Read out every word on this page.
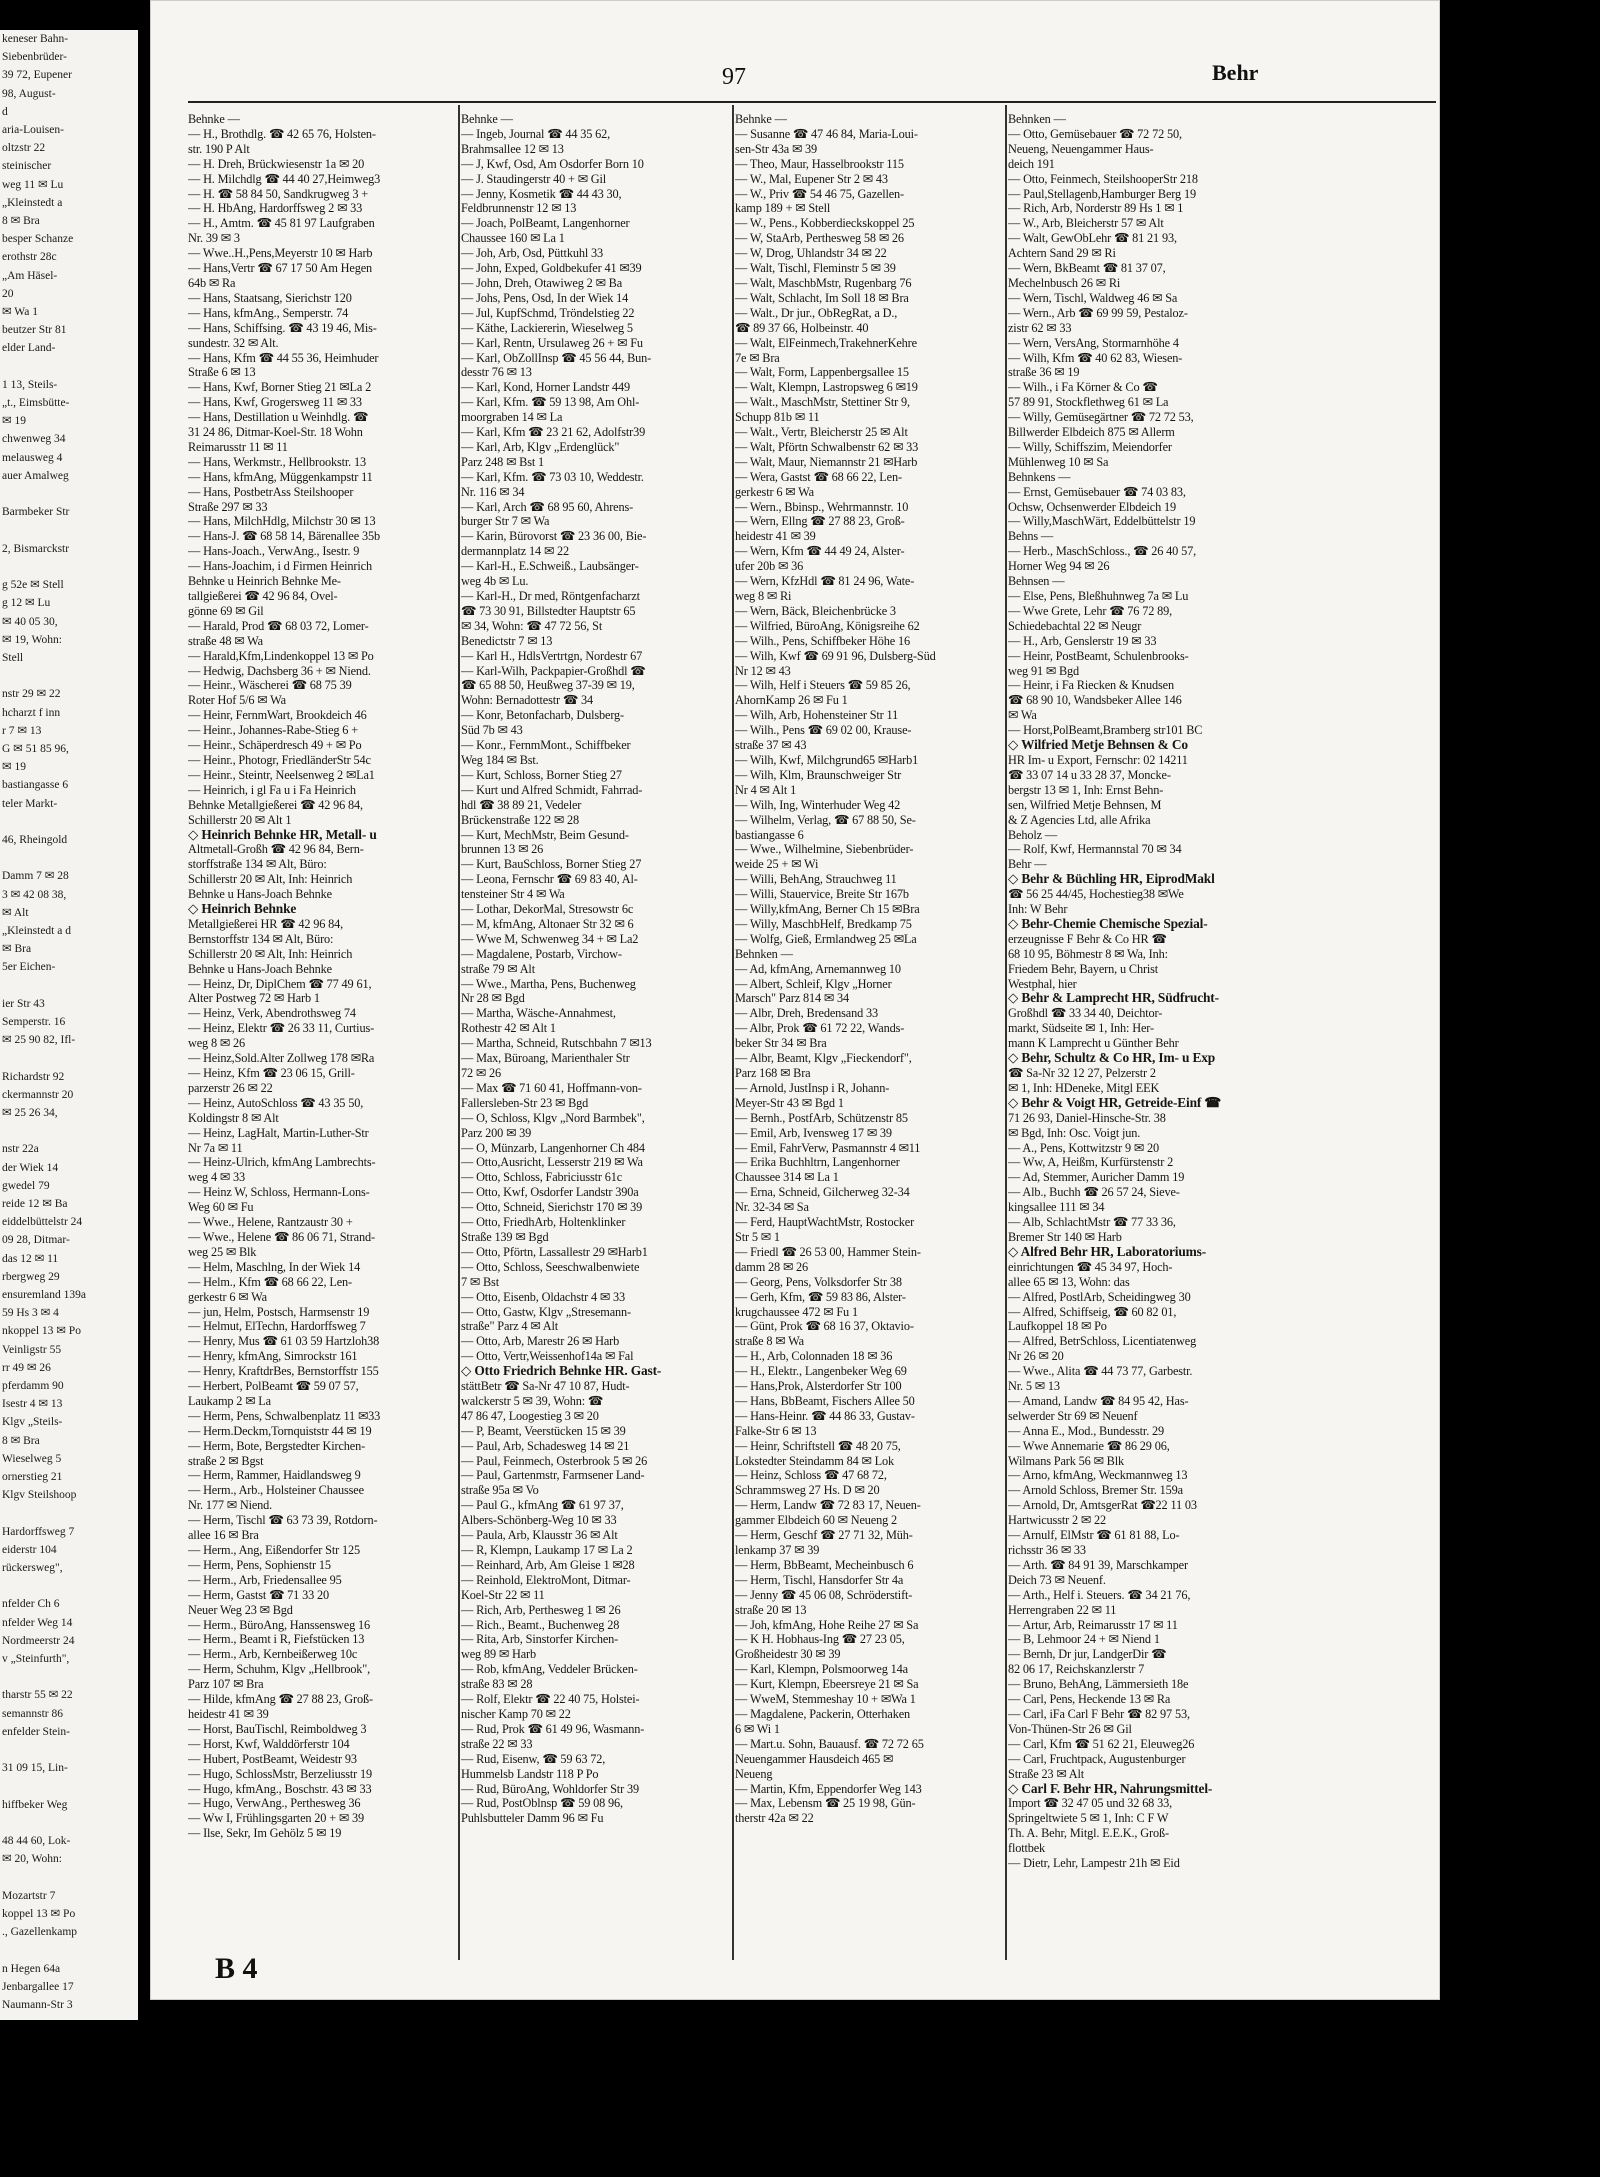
keneser Bahn-
Siebenbrüder-
39 72, Eupener
98, August-
d
aria-Louisen-
oltzstr 22
steinischer
weg 11 ✉ Lu
„Kleinstedt a
8 ✉ Bra
besper Schanze
erothstr 28c
„Am Häsel-
20
✉ Wa 1
beutzer Str 81
elder Land-

1 13, Steils-
„t., Eimsbütte-
✉ 19
chwenweg 34
melausweg 4
auer Amalweg

Barmbeker Str

2, Bismarckstr

g 52e ✉ Stell
g 12 ✉ Lu
✉ 40 05 30,
✉ 19, Wohn:
Stell

nstr 29 ✉ 22
hcharzt f inn
r 7 ✉ 13
G ✉ 51 85 96,
✉ 19
bastiangasse 6
teler Markt-

46, Rheingold

Damm 7 ✉ 28
3 ✉ 42 08 38,
✉ Alt
„Kleinstedt a d
✉ Bra
5er Eichen-

ier Str 43
Semperstr. 16
✉ 25 90 82, Ifl-

Richardstr 92
ckermannstr 20
✉ 25 26 34,

nstr 22a
der Wiek 14
gwedel 79
reide 12 ✉ Ba
eiddelbüttelstr 24
09 28, Ditmar-
das 12 ✉ 11
rbergweg 29
ensuremland 139a
59 Hs 3 ✉ 4
nkoppel 13 ✉ Po
Veinligstr 55
rr 49 ✉ 26
pferdamm 90
Isestr 4 ✉ 13
Klgv „Steils-
8 ✉ Bra
Wieselweg 5
ornerstieg 21
Klgv Steilshoop

Hardorffsweg 7
eiderstr 104
rückersweg",

nfelder Ch 6
nfelder Weg 14
Nordmeerstr 24
v „Steinfurth",

tharstr 55 ✉ 22
semannstr 86
enfelder Stein-

31 09 15, Lin-

hiffbeker Weg

48 44 60, Lok-
✉ 20, Wohn:

Mozartstr 7
koppel 13 ✉ Po
., Gazellenkamp

n Hegen 64a
Jenbargallee 17
Naumann-Str 3
97	Behr
Behnke —
— H., Brothdlg. ☎ 42 65 76, Holsten-
str. 190 P Alt
— H. Dreh, Brückwiesenstr 1a ✉ 20
— H. Milchdlg ☎ 44 40 27,Heimweg3
— H. ☎ 58 84 50, Sandkrugweg 3 +
— H. HbAng, Hardorffsweg 2 ✉ 33
— H., Amtm. ☎ 45 81 97 Laufgraben
Nr. 39 ✉ 3
— Wwe..H.,Pens,Meyerstr 10 ✉ Harb
— Hans,Vertr ☎ 67 17 50 Am Hegen
64b ✉ Ra
— Hans, Staatsang, Sierichstr 120
— Hans, kfmAng., Semperstr. 74
— Hans, Schiffsing. ☎ 43 19 46, Mis-
sundestr. 32 ✉ Alt.
— Hans, Kfm ☎ 44 55 36, Heimhuder
Straße 6 ✉ 13
— Hans, Kwf, Borner Stieg 21 ✉La 2
— Hans, Kwf, Grogersweg 11 ✉ 33
— Hans, Destillation u Weinhdlg. ☎
31 24 86, Ditmar-Koel-Str. 18 Wohn
Reimarusstr 11 ✉ 11
— Hans, Werkmstr., Hellbrookstr. 13
— Hans, kfmAng, Müggenkampstr 11
— Hans, PostbetrAss Steilshooper
Straße 297 ✉ 33
— Hans, MilchHdlg, Milchstr 30 ✉ 13
— Hans-J. ☎ 68 58 14, Bärenallee 35b
— Hans-Joach., VerwAng., Isestr. 9
— Hans-Joachim, i d Firmen Heinrich
Behnke u Heinrich Behnke Me-
tallgießerei ☎ 42 96 84, Ovel-
gönne 69 ✉ Gil
— Harald, Prod ☎ 68 03 72, Lomer-
straße 48 ✉ Wa
— Harald,Kfm,Lindenkoppel 13 ✉ Po
— Hedwig, Dachsberg 36 + ✉ Niend.
— Heinr., Wäscherei ☎ 68 75 39
Roter Hof 5/6 ✉ Wa
— Heinr, FernmWart, Brookdeich 46
— Heinr., Johannes-Rabe-Stieg 6 +
— Heinr., Schäperdresch 49 + ✉ Po
— Heinr., Photogr, FriedländerStr 54c
— Heinr., Steintr, Neelsenweg 2 ✉La1
— Heinrich, i gl Fa u i Fa Heinrich
Behnke Metallgießerei ☎ 42 96 84,
Schillerstr 20 ✉ Alt 1
◇ Heinrich Behnke HR, Metall- u
Altmetall-Großh ☎ 42 96 84, Bern-
storffstraße 134 ✉ Alt, Büro:
Schillerstr 20 ✉ Alt, Inh: Heinrich
Behnke u Hans-Joach Behnke
◇ Heinrich Behnke
Metallgießerei HR ☎ 42 96 84,
Bernstorffstr 134 ✉ Alt, Büro:
Schillerstr 20 ✉ Alt, Inh: Heinrich
Behnke u Hans-Joach Behnke
— Heinz, Dr, DiplChem ☎ 77 49 61,
Alter Postweg 72 ✉ Harb 1
— Heinz, Verk, Abendrothsweg 74
— Heinz, Elektr ☎ 26 33 11, Curtius-
weg 8 ✉ 26
— Heinz,Sold.Alter Zollweg 178 ✉Ra
— Heinz, Kfm ☎ 23 06 15, Grill-
parzerstr 26 ✉ 22
— Heinz, AutoSchloss ☎ 43 35 50,
Koldingstr 8 ✉ Alt
— Heinz, LagHalt, Martin-Luther-Str
Nr 7a ✉ 11
— Heinz-Ulrich, kfmAng Lambrechts-
weg 4 ✉ 33
— Heinz W, Schloss, Hermann-Lons-
Weg 60 ✉ Fu
— Wwe., Helene, Rantzaustr 30 +
— Wwe., Helene ☎ 86 06 71, Strand-
weg 25 ✉ Blk
— Helm, Maschlng, In der Wiek 14
— Helm., Kfm ☎ 68 66 22, Len-
gerkestr 6 ✉ Wa
— jun, Helm, Postsch, Harmsenstr 19
— Helmut, ElTechn, Hardorffsweg 7
— Henry, Mus ☎ 61 03 59 Hartzloh38
— Henry, kfmAng, Simrockstr 161
— Henry, KraftdrBes, Bernstorffstr 155
— Herbert, PolBeamt ☎ 59 07 57,
Laukamp 2 ✉ La
— Herm, Pens, Schwalbenplatz 11 ✉33
— Herm.Deckm,Tornquiststr 44 ✉ 19
— Herm, Bote, Bergstedter Kirchen-
straße 2 ✉ Bgst
— Herm, Rammer, Haidlandsweg 9
— Herm., Arb., Holsteiner Chaussee
Nr. 177 ✉ Niend.
— Herm, Tischl ☎ 63 73 39, Rotdorn-
allee 16 ✉ Bra
— Herm., Ang, Eißendorfer Str 125
— Herm, Pens, Sophienstr 15
— Herm., Arb, Friedensallee 95
— Herm, Gastst ☎ 71 33 20
Neuer Weg 23 ✉ Bgd
— Herm., BüroAng, Hanssensweg 16
— Herm., Beamt i R, Fiefstücken 13
— Herm., Arb, Kernbeißerweg 10c
— Herm, Schuhm, Klgv „Hellbrook",
Parz 107 ✉ Bra
— Hilde, kfmAng ☎ 27 88 23, Groß-
heidestr 41 ✉ 39
— Horst, BauTischl, Reimboldweg 3
— Horst, Kwf, Walddörferstr 104
— Hubert, PostBeamt, Weidestr 93
— Hugo, SchlossMstr, Berzeliusstr 19
— Hugo, kfmAng., Boschstr. 43 ✉ 33
— Hugo, VerwAng., Perthesweg 36
— Ww I, Frühlingsgarten 20 + ✉ 39
— Ilse, Sekr, Im Gehölz 5 ✉ 19
Behnke —
— Ingeb, Journal ☎ 44 35 62,
Brahmsallee 12 ✉ 13
— J, Kwf, Osd, Am Osdorfer Born 10
— J. Staudingerstr 40 + ✉ Gil
— Jenny, Kosmetik ☎ 44 43 30,
Feldbrunnenstr 12 ✉ 13
— Joach, PolBeamt, Langenhorner
Chaussee 160 ✉ La 1
— Joh, Arb, Osd, Püttkuhl 33
— John, Exped, Goldbekufer 41 ✉39
— John, Dreh, Otawiweg 2 ✉ Ba
— Johs, Pens, Osd, In der Wiek 14
— Jul, KupfSchmd, Tröndelstieg 22
— Käthe, Lackiererin, Wieselweg 5
— Karl, Rentn, Ursulaweg 26 + ✉ Fu
— Karl, ObZollInsp ☎ 45 56 44, Bun-
desstr 76 ✉ 13
— Karl, Kond, Horner Landstr 449
— Karl, Kfm. ☎ 59 13 98, Am Ohl-
moorgraben 14 ✉ La
— Karl, Kfm ☎ 23 21 62, Adolfstr39
— Karl, Arb, Klgv „Erdenglück"
Parz 248 ✉ Bst 1
— Karl, Kfm. ☎ 73 03 10, Weddestr.
Nr. 116 ✉ 34
— Karl, Arch ☎ 68 95 60, Ahrens-
burger Str 7 ✉ Wa
— Karin, Bürovorst ☎ 23 36 00, Bie-
dermannplatz 14 ✉ 22
— Karl-H., E.Schweiß., Laubsänger-
weg 4b ✉ Lu.
— Karl-H., Dr med, Röntgenfacharzt
☎ 73 30 91, Billstedter Hauptstr 65
✉ 34, Wohn: ☎ 47 72 56, St
Benedictstr 7 ✉ 13
— Karl H., HdlsVertrtgn, Nordestr 67
— Karl-Wilh, Packpapier-Großhdl ☎
☎ 65 88 50, Heußweg 37-39 ✉ 19,
Wohn: Bernadottestr ☎ 34
— Konr, Betonfacharb, Dulsberg-
Süd 7b ✉ 43
— Konr., FernmMont., Schiffbeker
Weg 184 ✉ Bst.
— Kurt, Schloss, Borner Stieg 27
— Kurt und Alfred Schmidt, Fahrrad-
hdl ☎ 38 89 21, Vedeler
Brückenstraße 122 ✉ 28
— Kurt, MechMstr, Beim Gesund-
brunnen 13 ✉ 26
— Kurt, BauSchloss, Borner Stieg 27
— Leona, Fernschr ☎ 69 83 40, Al-
tensteiner Str 4 ✉ Wa
— Lothar, DekorMal, Stresowstr 6c
— M, kfmAng, Altonaer Str 32 ✉ 6
— Wwe M, Schwenweg 34 + ✉ La2
— Magdalene, Postarb, Virchow-
straße 79 ✉ Alt
— Wwe., Martha, Pens, Buchenweg
Nr 28 ✉ Bgd
— Martha, Wäsche-Annahmest,
Rothestr 42 ✉ Alt 1
— Martha, Schneid, Rutschbahn 7 ✉13
— Max, Büroang, Marienthaler Str
72 ✉ 26
— Max ☎ 71 60 41, Hoffmann-von-
Fallersleben-Str 23 ✉ Bgd
— O, Schloss, Klgv „Nord Barmbek",
Parz 200 ✉ 39
— O, Münzarb, Langenhorner Ch 484
— Otto,Ausricht, Lesserstr 219 ✉ Wa
— Otto, Schloss, Fabriciusstr 61c
— Otto, Kwf, Osdorfer Landstr 390a
— Otto, Schneid, Sierichstr 170 ✉ 39
— Otto, FriedhArb, Holtenklinker
Straße 139 ✉ Bgd
— Otto, Pförtn, Lassallestr 29 ✉Harb1
— Otto, Schloss, Seeschwalbenwiete
7 ✉ Bst
— Otto, Eisenb, Oldachstr 4 ✉ 33
— Otto, Gastw, Klgv „Stresemann-
straße" Parz 4 ✉ Alt
— Otto, Arb, Marestr 26 ✉ Harb
— Otto, Vertr,Weissenhof14a ✉ Fal
◇ Otto Friedrich Behnke HR. Gast-
stättBetr ☎ Sa-Nr 47 10 87, Hudt-
walckerstr 5 ✉ 39, Wohn: ☎
47 86 47, Loogestieg 3 ✉ 20
— P, Beamt, Veerstücken 15 ✉ 39
— Paul, Arb, Schadesweg 14 ✉ 21
— Paul, Feinmech, Osterbrook 5 ✉ 26
— Paul, Gartenmstr, Farmsener Land-
straße 95a ✉ Vo
— Paul G., kfmAng ☎ 61 97 37,
Albers-Schönberg-Weg 10 ✉ 33
— Paula, Arb, Klausstr 36 ✉ Alt
— R, Klempn, Laukamp 17 ✉ La 2
— Reinhard, Arb, Am Gleise 1 ✉28
— Reinhold, ElektroMont, Ditmar-
Koel-Str 22 ✉ 11
— Rich, Arb, Perthesweg 1 ✉ 26
— Rich., Beamt., Buchenweg 28
— Rita, Arb, Sinstorfer Kirchen-
weg 89 ✉ Harb
— Rob, kfmAng, Veddeler Brücken-
straße 83 ✉ 28
— Rolf, Elektr ☎ 22 40 75, Holstei-
nischer Kamp 70 ✉ 22
— Rud, Prok ☎ 61 49 96, Wasmann-
straße 22 ✉ 33
— Rud, Eisenw, ☎ 59 63 72,
Hummelsb Landstr 118 P Po
— Rud, BüroAng, Wohldorfer Str 39
— Rud, PostOblnsp ☎ 59 08 96,
Puhlsbutteler Damm 96 ✉ Fu
Behnke —
— Susanne ☎ 47 46 84, Maria-Loui-
sen-Str 43a ✉ 39
— Theo, Maur, Hasselbrookstr 115
— W., Mal, Eupener Str 2 ✉ 43
— W., Priv ☎ 54 46 75, Gazellen-
kamp 189 + ✉ Stell
— W., Pens., Kobberdieckskoppel 25
— W, StaArb, Perthesweg 58 ✉ 26
— W, Drog, Uhlandstr 34 ✉ 22
— Walt, Tischl, Fleminstr 5 ✉ 39
— Walt, MaschbMstr, Rugenbarg 76
— Walt, Schlacht, Im Soll 18 ✉ Bra
— Walt., Dr jur., ObRegRat, a D.,
☎ 89 37 66, Holbeinstr. 40
— Walt, ElFeinmech,TrakehnerKehre
7e ✉ Bra
— Walt, Form, Lappenbergsallee 15
— Walt, Klempn, Lastropsweg 6 ✉19
— Walt., MaschMstr, Stettiner Str 9,
Schupp 81b ✉ 11
— Walt., Vertr, Bleicherstr 25 ✉ Alt
— Walt, Pförtn Schwalbenstr 62 ✉ 33
— Walt, Maur, Niemannstr 21 ✉Harb
— Wera, Gastst ☎ 68 66 22, Len-
gerkestr 6 ✉ Wa
— Wern., Bbinsp., Wehrmannstr. 10
— Wern, Ellng ☎ 27 88 23, Groß-
heidestr 41 ✉ 39
— Wern, Kfm ☎ 44 49 24, Alster-
ufer 20b ✉ 36
— Wern, KfzHdl ☎ 81 24 96, Wate-
weg 8 ✉ Ri
— Wern, Bäck, Bleichenbrücke 3
— Wilfried, BüroAng, Königsreihe 62
— Wilh., Pens, Schiffbeker Höhe 16
— Wilh, Kwf ☎ 69 91 96, Dulsberg-Süd
Nr 12 ✉ 43
— Wilh, Helf i Steuers ☎ 59 85 26,
AhornKamp 26 ✉ Fu 1
— Wilh, Arb, Hohensteiner Str 11
— Wilh., Pens ☎ 69 02 00, Krause-
straße 37 ✉ 43
— Wilh, Kwf, Milchgrund65 ✉Harb1
— Wilh, Klm, Braunschweiger Str
Nr 4 ✉ Alt 1
— Wilh, Ing, Winterhuder Weg 42
— Wilhelm, Verlag, ☎ 67 88 50, Se-
bastiangasse 6
— Wwe., Wilhelmine, Siebenbrüder-
weide 25 + ✉ Wi
— Willi, BehAng, Strauchweg 11
— Willi, Stauervice, Breite Str 167b
— Willy,kfmAng, Berner Ch 15 ✉Bra
— Willy, MaschbHelf, Bredkamp 75
— Wolfg, Gieß, Ermlandweg 25 ✉La
Behnken —
— Ad, kfmAng, Arnemannweg 10
— Albert, Schleif, Klgv „Horner
Marsch" Parz 814 ✉ 34
— Albr, Dreh, Bredensand 33
— Albr, Prok ☎ 61 72 22, Wands-
beker Str 34 ✉ Bra
— Albr, Beamt, Klgv „Fieckendorf",
Parz 168 ✉ Bra
— Arnold, JustInsp i R, Johann-
Meyer-Str 43 ✉ Bgd 1
— Bernh., PostfArb, Schützenstr 85
— Emil, Arb, Ivensweg 17 ✉ 39
— Emil, FahrVerw, Pasmannstr 4 ✉11
— Erika Buchhltrn, Langenhorner
Chaussee 314 ✉ La 1
— Erna, Schneid, Gilcherweg 32-34
Nr. 32-34 ✉ Sa
— Ferd, HauptWachtMstr, Rostocker
Str 5 ✉ 1
— Friedl ☎ 26 53 00, Hammer Stein-
damm 28 ✉ 26
— Georg, Pens, Volksdorfer Str 38
— Gerh, Kfm, ☎ 59 83 86, Alster-
krugchaussee 472 ✉ Fu 1
— Günt, Prok ☎ 68 16 37, Oktavio-
straße 8 ✉ Wa
— H., Arb, Colonnaden 18 ✉ 36
— H., Elektr., Langenbeker Weg 69
— Hans,Prok, Alsterdorfer Str 100
— Hans, BbBeamt, Fischers Allee 50
— Hans-Heinr. ☎ 44 86 33, Gustav-
Falke-Str 6 ✉ 13
— Heinr, Schriftstell ☎ 48 20 75,
Lokstedter Steindamm 84 ✉ Lok
— Heinz, Schloss ☎ 47 68 72,
Schrammsweg 27 Hs. D ✉ 20
— Herm, Landw ☎ 72 83 17, Neuen-
gammer Elbdeich 60 ✉ Neueng 2
— Herm, Geschf ☎ 27 71 32, Müh-
lenkamp 37 ✉ 39
— Herm, BbBeamt, Mecheinbusch 6
— Herm, Tischl, Hansdorfer Str 4a
— Jenny ☎ 45 06 08, Schröderstift-
straße 20 ✉ 13
— Joh, kfmAng, Hohe Reihe 27 ✉ Sa
— K H. Hobhaus-Ing ☎ 27 23 05,
Großheidestr 30 ✉ 39
— Karl, Klempn, Polsmoorweg 14a
— Kurt, Klempn, Ebeersreye 21 ✉ Sa
— WweM, Stemmeshay 10 + ✉Wa 1
— Magdalene, Packerin, Otterhaken
6 ✉ Wi 1
— Mart.u. Sohn, Bauausf. ☎ 72 72 65
Neuengammer Hausdeich 465 ✉
Neueng
— Martin, Kfm, Eppendorfer Weg 143
— Max, Lebensm ☎ 25 19 98, Gün-
therstr 42a ✉ 22
Behnken —
— Otto, Gemüsebauer ☎ 72 72 50,
Neueng, Neuengammer Haus-
deich 191
— Otto, Feinmech, SteilshooperStr 218
— Paul,Stellagenb,Hamburger Berg 19
— Rich, Arb, Norderstr 89 Hs 1 ✉ 1
— W., Arb, Bleicherstr 57 ✉ Alt
— Walt, GewObLehr ☎ 81 21 93,
Achtern Sand 29 ✉ Ri
— Wern, BkBeamt ☎ 81 37 07,
Mechelnbusch 26 ✉ Ri
— Wern, Tischl, Waldweg 46 ✉ Sa
— Wern., Arb ☎ 69 99 59, Pestaloz-
zistr 62 ✉ 33
— Wern, VersAng, Stormarnhöhe 4
— Wilh, Kfm ☎ 40 62 83, Wiesen-
straße 36 ✉ 19
— Wilh., i Fa Körner & Co ☎
57 89 91, Stockflethweg 61 ✉ La
— Willy, Gemüsegärtner ☎ 72 72 53,
Billwerder Elbdeich 875 ✉ Allerm
— Willy, Schiffszim, Meiendorfer
Mühlenweg 10 ✉ Sa
Behnkens —
— Ernst, Gemüsebauer ☎ 74 03 83,
Ochsw, Ochsenwerder Elbdeich 19
— Willy,MaschWärt, Eddelbüttelstr 19
Behns —
— Herb., MaschSchloss., ☎ 26 40 57,
Horner Weg 94 ✉ 26
Behnsen —
— Else, Pens, Bleßhuhnweg 7a ✉ Lu
— Wwe Grete, Lehr ☎ 76 72 89,
Schiedebachtal 22 ✉ Neugr
— H., Arb, Genslerstr 19 ✉ 33
— Heinr, PostBeamt, Schulenbrooks-
weg 91 ✉ Bgd
— Heinr, i Fa Riecken & Knudsen
☎ 68 90 10, Wandsbeker Allee 146
✉ Wa
— Horst,PolBeamt,Bramberg str101 BC
◇ Wilfried Metje Behnsen & Co
HR Im- u Export, Fernschr: 02 14211
☎ 33 07 14 u 33 28 37, Moncke-
bergstr 13 ✉ 1, Inh: Ernst Behn-
sen, Wilfried Metje Behnsen, M
& Z Agencies Ltd, alle Afrika
Beholz —
— Rolf, Kwf, Hermannstal 70 ✉ 34
Behr —
◇ Behr & Büchling HR, EiprodMakl
☎ 56 25 44/45, Hochestieg38 ✉We
Inh: W Behr
◇ Behr-Chemie Chemische Spezial-
erzeugnisse F Behr & Co HR ☎
68 10 95, Böhmestr 8 ✉ Wa, Inh:
Friedem Behr, Bayern, u Christ
Westphal, hier
◇ Behr & Lamprecht HR, Südfrucht-
Großhdl ☎ 33 34 40, Deichtor-
markt, Südseite ✉ 1, Inh: Her-
mann K Lamprecht u Günther Behr
◇ Behr, Schultz & Co HR, Im- u Exp
☎ Sa-Nr 32 12 27, Pelzerstr 2
✉ 1, Inh: HDeneke, Mitgl EEK
◇ Behr & Voigt HR, Getreide-Einf ☎
71 26 93, Daniel-Hinsche-Str. 38
✉ Bgd, Inh: Osc. Voigt jun.
— A., Pens, Kottwitzstr 9 ✉ 20
— Ww, A, Heißm, Kurfürstenstr 2
— Ad, Stemmer, Auricher Damm 19
— Alb., Buchh ☎ 26 57 24, Sieve-
kingsallee 111 ✉ 34
— Alb, SchlachtMstr ☎ 77 33 36,
Bremer Str 140 ✉ Harb
◇ Alfred Behr HR, Laboratoriums-
einrichtungen ☎ 45 34 97, Hoch-
allee 65 ✉ 13, Wohn: das
— Alfred, PostlArb, Scheidingweg 30
— Alfred, Schiffseig, ☎ 60 82 01,
Laufkoppel 18 ✉ Po
— Alfred, BetrSchloss, Licentiatenweg
Nr 26 ✉ 20
— Wwe., Alita ☎ 44 73 77, Garbestr.
Nr. 5 ✉ 13
— Amand, Landw ☎ 84 95 42, Has-
selwerder Str 69 ✉ Neuenf
— Anna E., Mod., Bundesstr. 29
— Wwe Annemarie ☎ 86 29 06,
Wilmans Park 56 ✉ Blk
— Arno, kfmAng, Weckmannweg 13
— Arnold Schloss, Bremer Str. 159a
— Arnold, Dr, AmtsgerRat ☎22 11 03
Hartwicusstr 2 ✉ 22
— Arnulf, ElMstr ☎ 61 81 88, Lo-
richsstr 36 ✉ 33
— Arth. ☎ 84 91 39, Marschkamper
Deich 73 ✉ Neuenf.
— Arth., Helf i. Steuers. ☎ 34 21 76,
Herrengraben 22 ✉ 11
— Artur, Arb, Reimarusstr 17 ✉ 11
— B, Lehmoor 24 + ✉ Niend 1
— Bernh, Dr jur, LandgerDir ☎
82 06 17, Reichskanzlerstr 7
— Bruno, BehAng, Lämmersieth 18e
— Carl, Pens, Heckende 13 ✉ Ra
— Carl, iFa Carl F Behr ☎ 82 97 53,
Von-Thünen-Str 26 ✉ Gil
— Carl, Kfm ☎ 51 62 21, Eleuweg26
— Carl, Fruchtpack, Augustenburger
Straße 23 ✉ Alt
◇ Carl F. Behr HR, Nahrungsmittel-
Import ☎ 32 47 05 und 32 68 33,
Springeltwiete 5 ✉ 1, Inh: C F W
Th. A. Behr, Mitgl. E.E.K., Groß-
flottbek
— Dietr, Lehr, Lampestr 21h ✉ Eid
B 4
